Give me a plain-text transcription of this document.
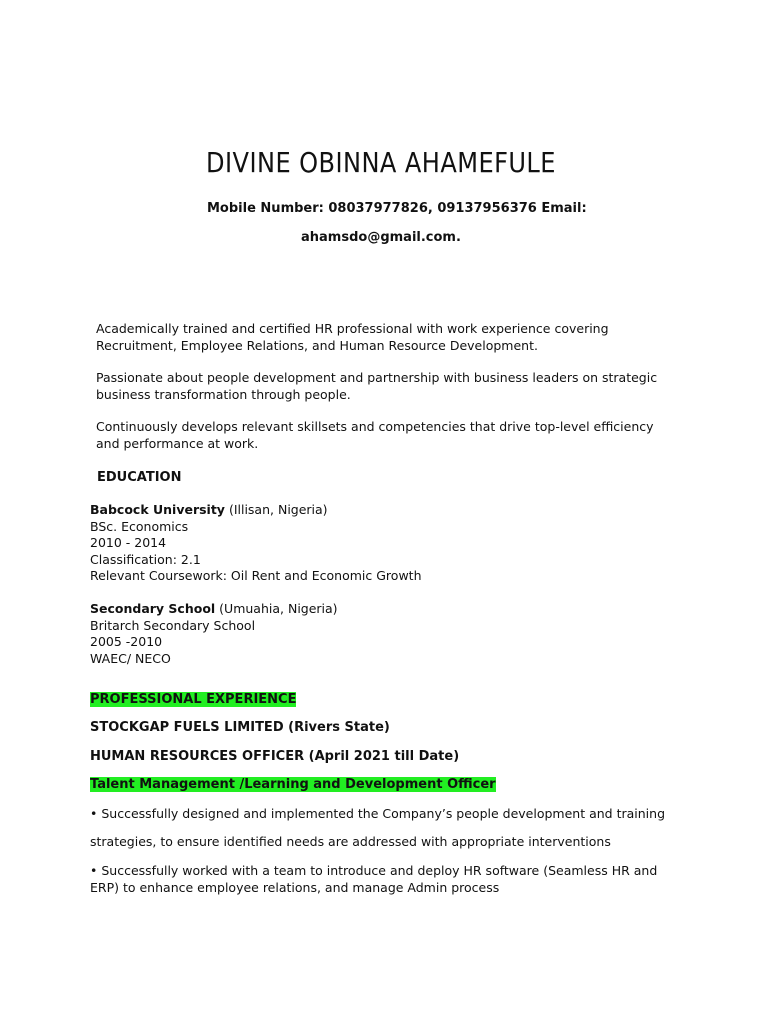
DIVINE OBINNA AHAMEFULE
Mobile Number: 08037977826, 09137956376 Email:
ahamsdo@gmail.com.
Academically trained and certified HR professional with work experience covering Recruitment, Employee Relations, and Human Resource Development.
Passionate about people development and partnership with business leaders on strategic business transformation through people.
Continuously develops relevant skillsets and competencies that drive top-level efficiency and performance at work.
EDUCATION
Babcock University (Illisan, Nigeria)
BSc. Economics
2010 - 2014
Classification: 2.1
Relevant Coursework: Oil Rent and Economic Growth
Secondary School (Umuahia, Nigeria)
Britarch Secondary School
2005 -2010
WAEC/ NECO
PROFESSIONAL EXPERIENCE
STOCKGAP FUELS LIMITED (Rivers State)
HUMAN RESOURCES OFFICER (April 2021 till Date)
Talent Management /Learning and Development Officer
• Successfully designed and implemented the Company’s people development and training
strategies, to ensure identified needs are addressed with appropriate interventions
• Successfully worked with a team to introduce and deploy HR software (Seamless HR and ERP) to enhance employee relations, and manage Admin process
